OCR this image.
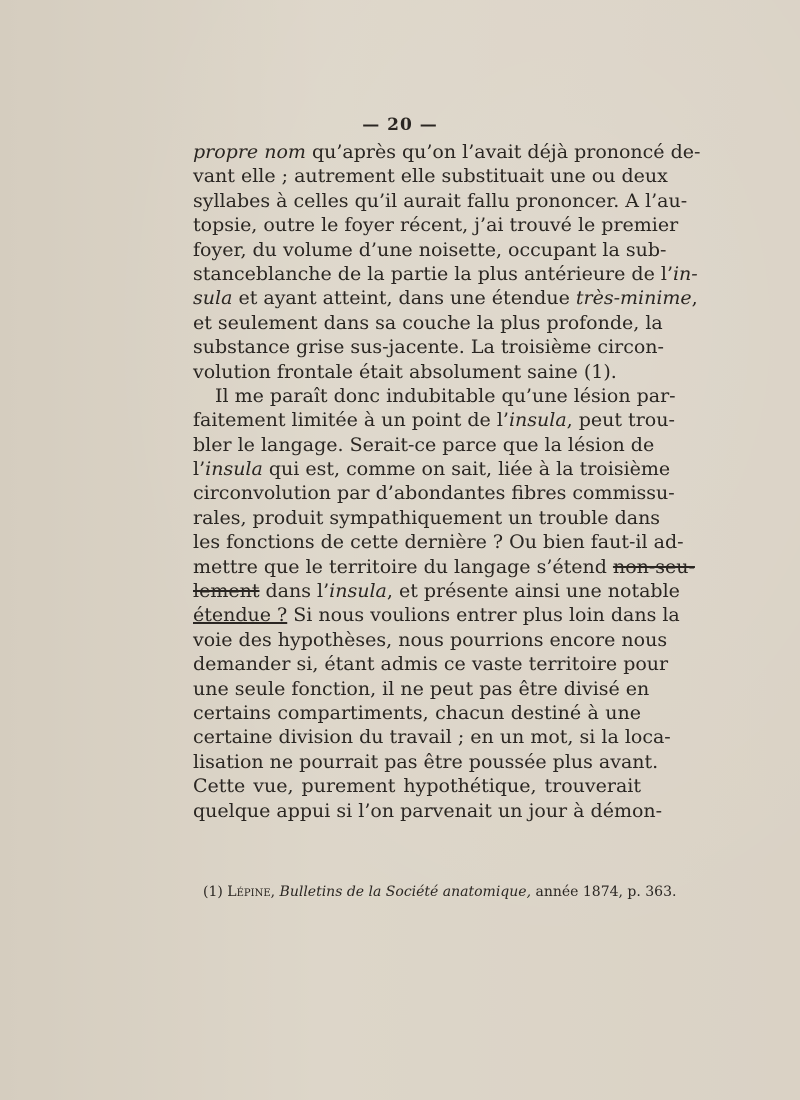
— 20 —
propre nom qu’après qu’on l’avait déjà prononcé de-
vant elle ; autrement elle substituait une ou deux
syllabes à celles qu’il aurait fallu prononcer. A l’au-
topsie, outre le foyer récent, j’ai trouvé le premier
foyer, du volume d’une noisette, occupant la sub-
stanceblanche de la partie la plus antérieure de l’in-
sula et ayant atteint, dans une étendue très-minime,
et seulement dans sa couche la plus profonde, la
substance grise sus-jacente. La troisième circon-
volution frontale était absolument saine (1).
Il me paraît donc indubitable qu’une lésion par-
faitement limitée à un point de l’insula, peut trou-
bler le langage. Serait-ce parce que la lésion de
l’insula qui est, comme on sait, liée à la troisième
circonvolution par d’abondantes fibres commissu-
rales, produit sympathiquement un trouble dans
les fonctions de cette dernière ? Ou bien faut-il ad-
mettre que le territoire du langage s’étend non-seu-
lement dans l’insula, et présente ainsi une notable
étendue ? Si nous voulions entrer plus loin dans la
voie des hypothèses, nous pourrions encore nous
demander si, étant admis ce vaste territoire pour
une seule fonction, il ne peut pas être divisé en
certains compartiments, chacun destiné à une
certaine division du travail ; en un mot, si la loca-
lisation ne pourrait pas être poussée plus avant.
Cette vue, purement hypothétique, trouverait
quelque appui si l’on parvenait un jour à démon-
(1) Lépine, Bulletins de la Société anatomique, année 1874, p. 363.
